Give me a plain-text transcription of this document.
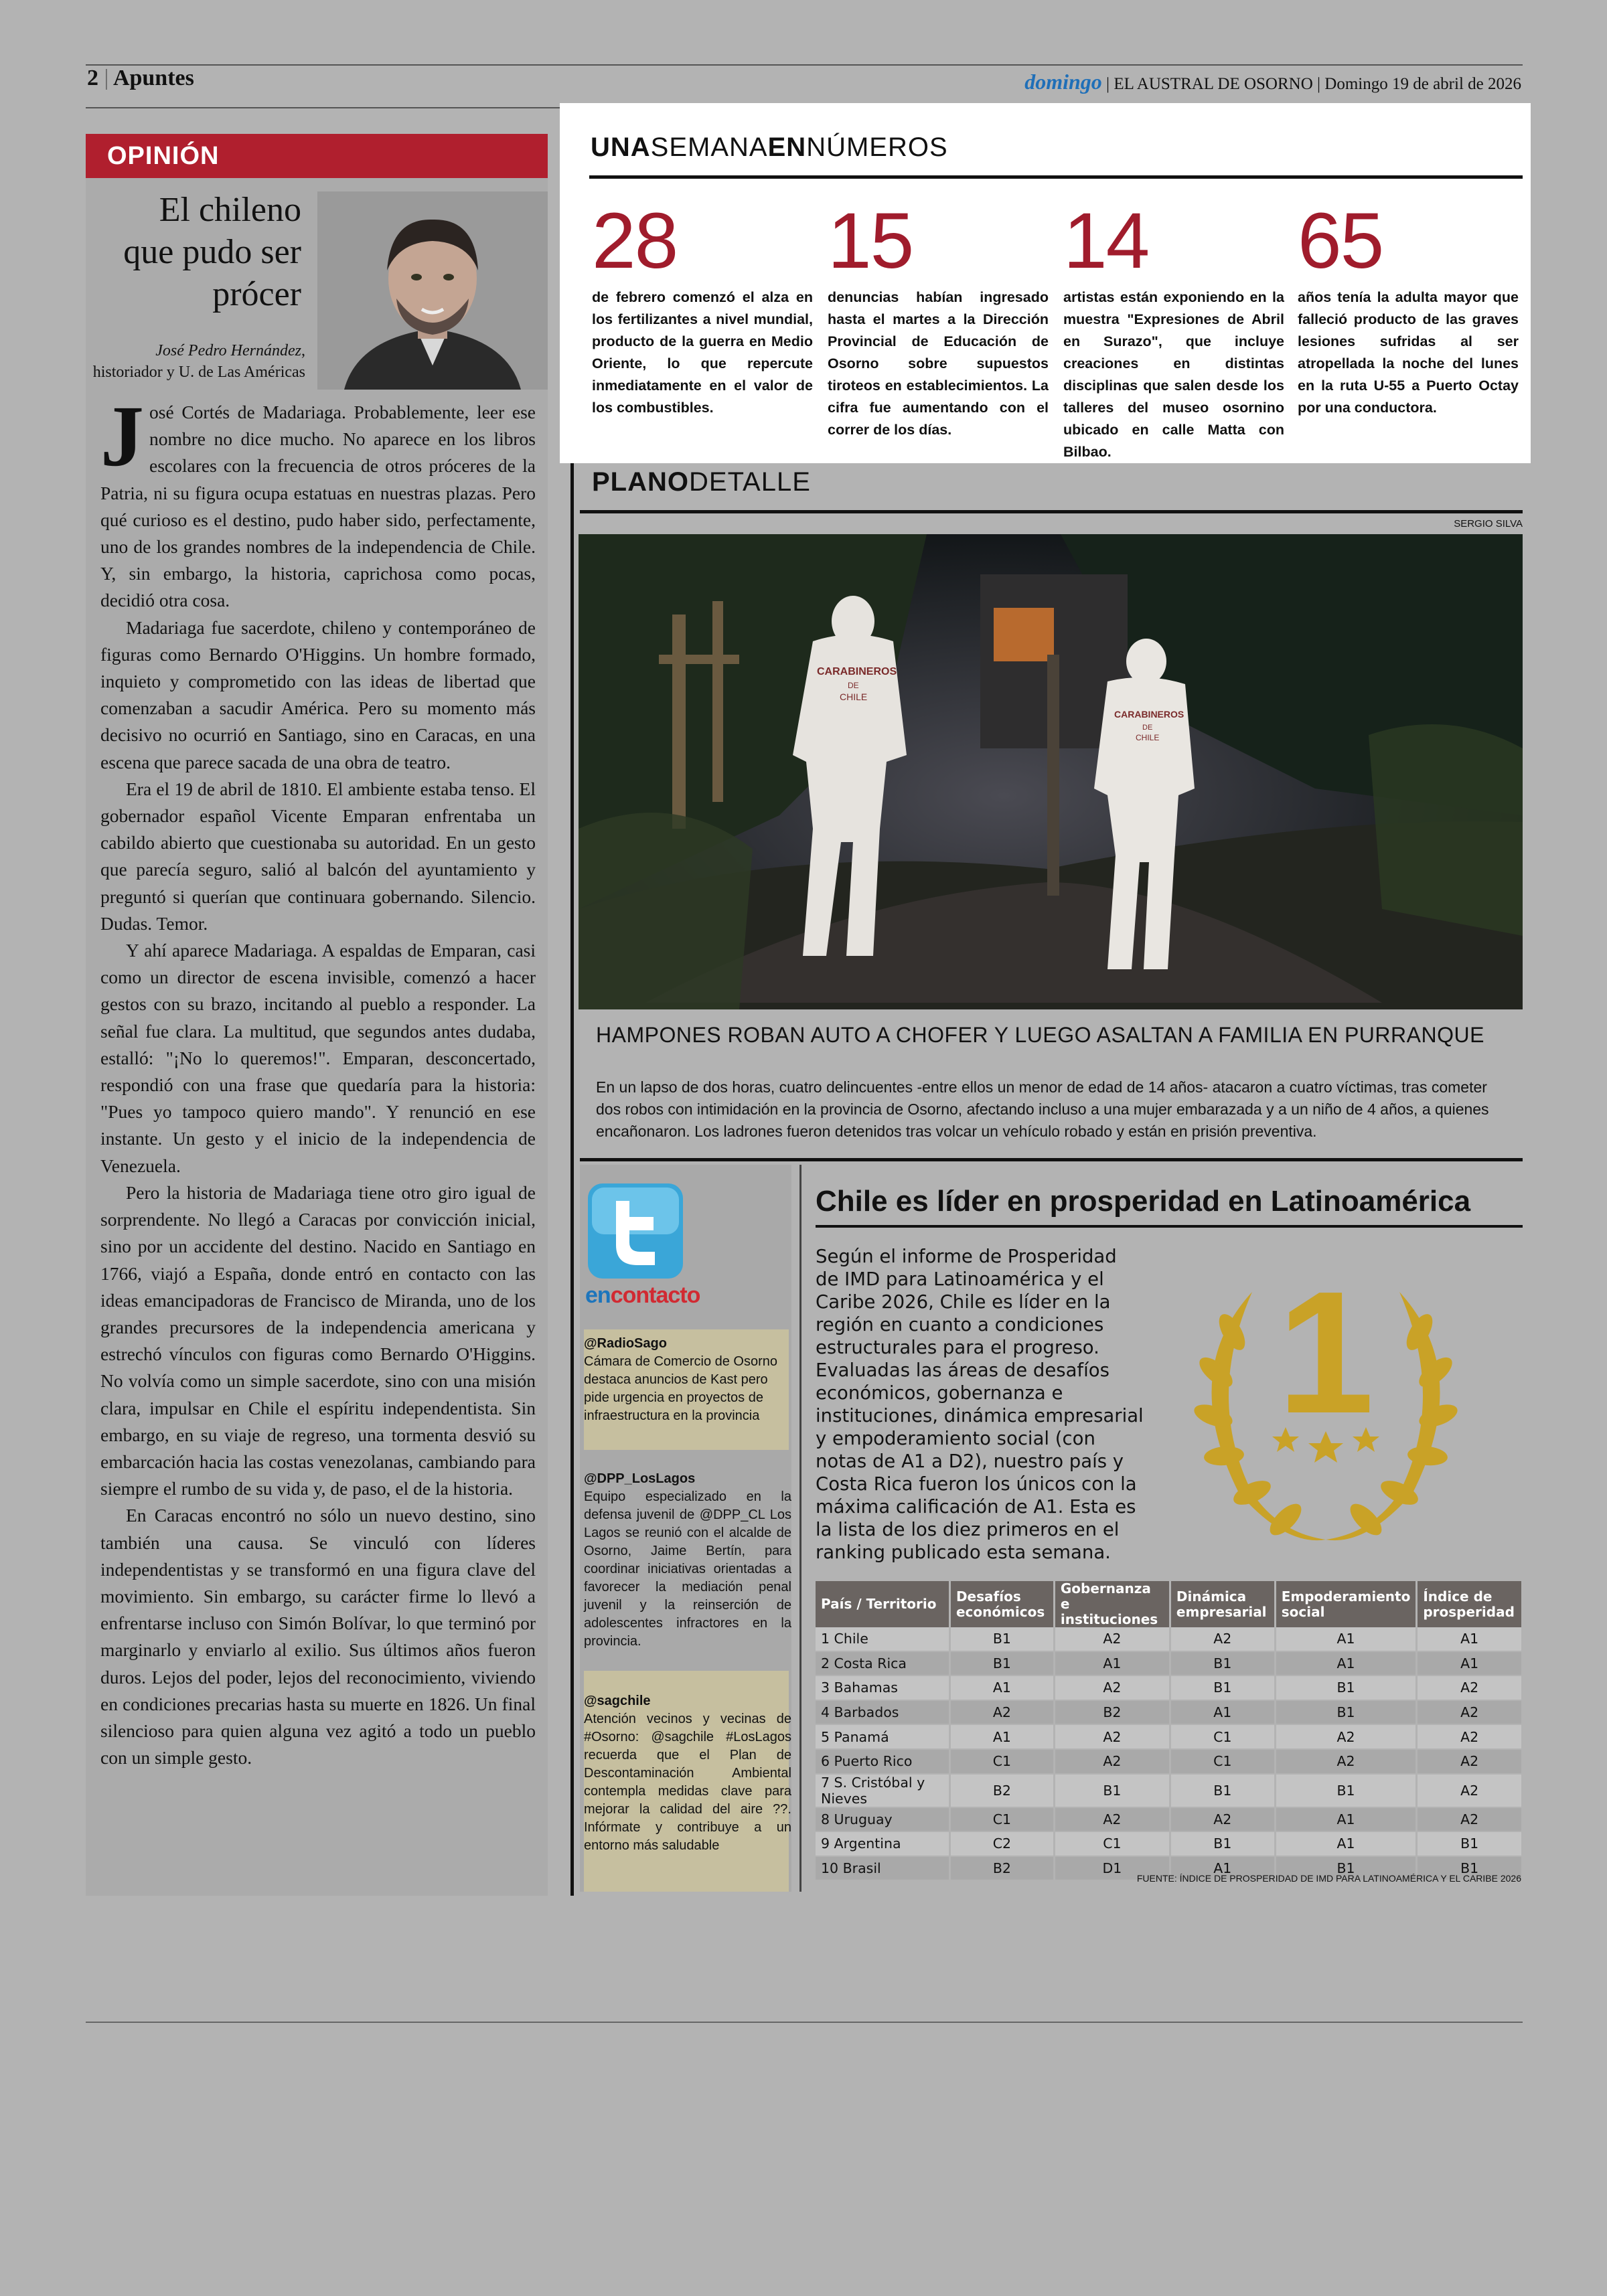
2 | Apuntes	domingo | EL AUSTRAL DE OSORNO | Domingo 19 de abril de 2026
OPINIÓN
El chileno que pudo ser prócer
José Pedro Hernández, historiador y U. de Las Américas

José Cortés de Madariaga. Probablemente, leer ese nombre no dice mucho. No aparece en los libros escolares con la frecuencia de otros próceres de la Patria, ni su figura ocupa estatuas en nuestras plazas. Pero qué curioso es el destino, pudo haber sido, perfectamente, uno de los grandes nombres de la independencia de Chile. Y, sin embargo, la historia, caprichosa como pocas, decidió otra cosa.

Madariaga fue sacerdote, chileno y contemporáneo de figuras como Bernardo O'Higgins. Un hombre formado, inquieto y comprometido con las ideas de libertad que comenzaban a sacudir América. Pero su momento más decisivo no ocurrió en Santiago, sino en Caracas, en una escena que parece sacada de una obra de teatro.

Era el 19 de abril de 1810. El ambiente estaba tenso. El gobernador español Vicente Emparan enfrentaba un cabildo abierto que cuestionaba su autoridad. En un gesto que parecía seguro, salió al balcón del ayuntamiento y preguntó si querían que continuara gobernando. Silencio. Dudas. Temor.

Y ahí aparece Madariaga. A espaldas de Emparan, casi como un director de escena invisible, comenzó a hacer gestos con su brazo, incitando al pueblo a responder. La señal fue clara. La multitud, que segundos antes dudaba, estalló: "¡No lo queremos!". Emparan, desconcertado, respondió con una frase que quedaría para la historia: "Pues yo tampoco quiero mando". Y renunció en ese instante. Un gesto y el inicio de la independencia de Venezuela.

Pero la historia de Madariaga tiene otro giro igual de sorprendente. No llegó a Caracas por convicción inicial, sino por un accidente del destino. Nacido en Santiago en 1766, viajó a España, donde entró en contacto con las ideas emancipadoras de Francisco de Miranda, uno de los grandes precursores de la independencia americana y estrechó vínculos con figuras como Bernardo O'Higgins. No volvía como un simple sacerdote, sino con una misión clara, impulsar en Chile el espíritu independentista. Sin embargo, en su viaje de regreso, una tormenta desvió su embarcación hacia las costas venezolanas, cambiando para siempre el rumbo de su vida y, de paso, el de la historia.

En Caracas encontró no sólo un nuevo destino, sino también una causa. Se vinculó con líderes independentistas y se transformó en una figura clave del movimiento. Sin embargo, su carácter firme lo llevó a enfrentarse incluso con Simón Bolívar, lo que terminó por marginarlo y enviarlo al exilio. Sus últimos años fueron duros. Lejos del poder, lejos del reconocimiento, viviendo en condiciones precarias hasta su muerte en 1826. Un final silencioso para quien alguna vez agitó a todo un pueblo con un simple gesto.

UNASEMANAENNÚMEROS
28
de febrero comenzó el alza en los fertilizantes a nivel mundial, producto de la guerra en Medio Oriente, lo que repercute inmediatamente en el valor de los combustibles.
15
denuncias habían ingresado hasta el martes a la Dirección Provincial de Educación de Osorno sobre supuestos tiroteos en establecimientos. La cifra fue aumentando con el correr de los días.
14
artistas están exponiendo en la muestra "Expresiones de Abril en Surazo", que incluye creaciones en distintas disciplinas que salen desde los talleres del museo osornino ubicado en calle Matta con Bilbao.
65
años tenía la adulta mayor que falleció producto de las graves lesiones sufridas al ser atropellada la noche del lunes en la ruta U-55 a Puerto Octay por una conductora.
PLANODETALLE
SERGIO SILVA
CARABINEROS
DE
CHILE
CARABINEROS
DE
CHILE
HAMPONES ROBAN AUTO A CHOFER Y LUEGO ASALTAN A FAMILIA EN PURRANQUE
En un lapso de dos horas, cuatro delincuentes -entre ellos un menor de edad de 14 años- atacaron a cuatro víctimas, tras cometer dos robos con intimidación en la provincia de Osorno, afectando incluso a una mujer embarazada y a un niño de 4 años, a quienes encañonaron. Los ladrones fueron detenidos tras volcar un vehículo robado y están en prisión preventiva.
encontacto
@RadioSago
Cámara de Comercio de Osorno destaca anuncios de Kast pero pide urgencia en proyectos de infraestructura en la provincia
@DPP_LosLagos
Equipo especializado en la defensa juvenil de @DPP_CL Los Lagos se reunió con el alcalde de Osorno, Jaime Bertín, para coordinar iniciativas orientadas a favorecer la mediación penal juvenil y la reinserción de adolescentes infractores en la provincia.
@sagchile
Atención vecinos y vecinas de #Osorno: @sagchile #LosLagos recuerda que el Plan de Descontaminación Ambiental contempla medidas clave para mejorar la calidad del aire ??. Infórmate y contribuye a un entorno más saludable
Chile es líder en prosperidad en Latinoamérica
Según el informe de Prosperidad de IMD para Latinoamérica y el Caribe 2026, Chile es líder en la región en cuanto a condiciones estructurales para el progreso. Evaluadas las áreas de desafíos económicos, gobernanza e instituciones, dinámica empresarial y empoderamiento social (con notas de A1 a D2), nuestro país y Costa Rica fueron los únicos con la máxima calificación de A1. Esta es la lista de los diez primeros en el ranking publicado esta semana.
1
País / Territorio	Desafíos económicos	Gobernanza e instituciones	Dinámica empresarial	Empoderamiento social	Índice de prosperidad
1 Chile	B1	A2	A2	A1	A1
2 Costa Rica	B1	A1	B1	A1	A1
3 Bahamas	A1	A2	B1	B1	A2
4 Barbados	A2	B2	A1	B1	A2
5 Panamá	A1	A2	C1	A2	A2
6 Puerto Rico	C1	A2	C1	A2	A2
7 S. Cristóbal y Nieves	B2	B1	B1	B1	A2
8 Uruguay	C1	A2	A2	A1	A2
9 Argentina	C2	C1	B1	A1	B1
10 Brasil	B2	D1	A1	B1	B1
FUENTE: ÍNDICE DE PROSPERIDAD DE IMD PARA LATINOAMÉRICA Y EL CARIBE 2026
